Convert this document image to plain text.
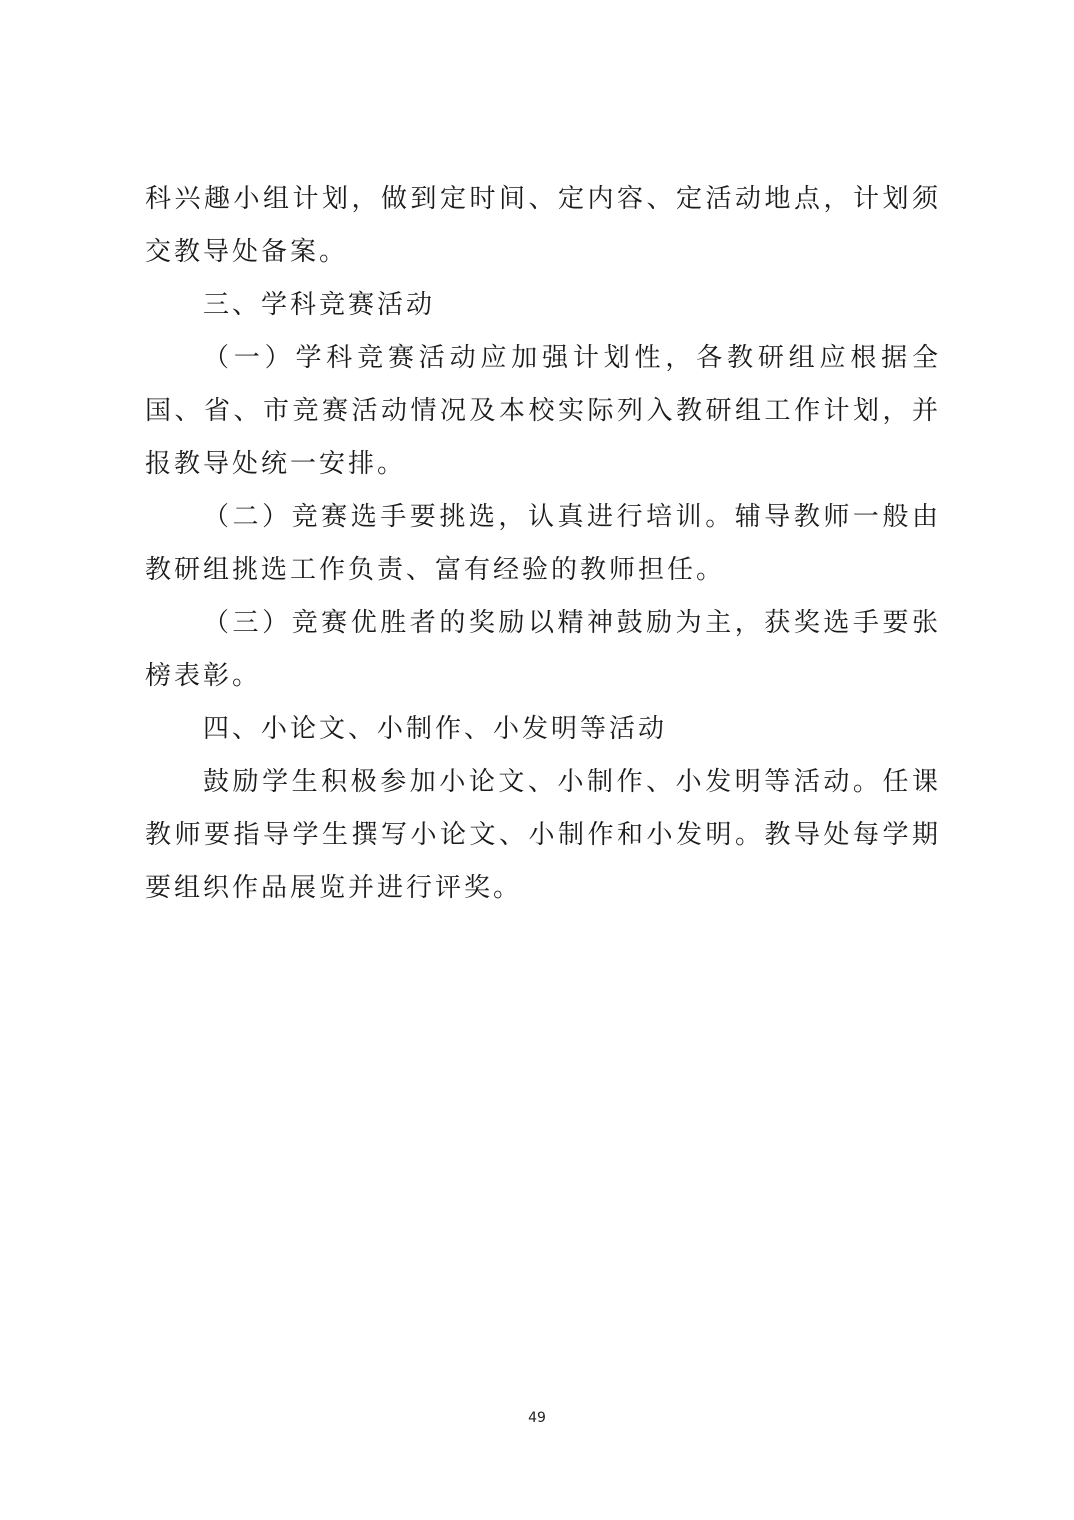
科兴趣小组计划，做到定时间、定内容、定活动地点，计划须交教导处备案。

三、学科竞赛活动

（一）学科竞赛活动应加强计划性，各教研组应根据全国、省、市竞赛活动情况及本校实际列入教研组工作计划，并报教导处统一安排。

（二）竞赛选手要挑选，认真进行培训。辅导教师一般由教研组挑选工作负责、富有经验的教师担任。

（三）竞赛优胜者的奖励以精神鼓励为主，获奖选手要张榜表彰。

四、小论文、小制作、小发明等活动

鼓励学生积极参加小论文、小制作、小发明等活动。任课教师要指导学生撰写小论文、小制作和小发明。教导处每学期要组织作品展览并进行评奖。

49
